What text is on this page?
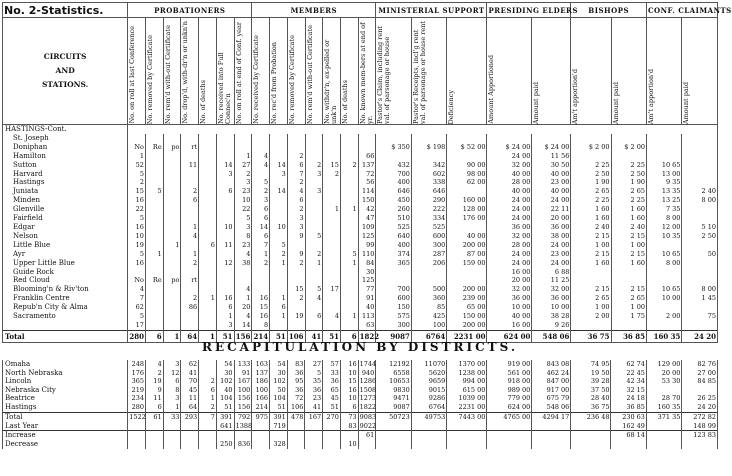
No. 2-Statistics.	PROBATIONERS							MEMBERS							MINISTERIAL SUPPORT			PRESIDING ELDERS		BISHOPS		CONF. CLAIMANTS	

CIRCUITS
AND
STATIONS.	No. on roll at last Conference	No. removed by Certificate	No. rem'd with-out Certificate	No. drop'd, with-dr'n or unkn'n	No. of deaths	No. received into Full Connec'n	No. on roll at end of Conf. year	No. received by Certificate	No. rec'd from Probation	No. removed by Certificate	No. rem'd with-out Certificate	No. withdr'n, ex-pelled or unk'n	No. of deaths	No. known mem-bers at end of yr.	Pastor's Claim, including rent val. of parsonage or house	Pastor's Receipts, incl'g rent val. of parsonage or house rent	Deficiency	Amount Apportioned	Amount paid	Am't apportion'd	Amount paid	Am't apportion'd	Amount paid

HASTINGS-Cont.																							
St. Joseph																							
Doniphan	No	Re	po	rt											$ 350	$ 198	$ 52 00	$ 24 00	$ 24 00	$ 2 00	$ 2 00		
Hamilton	1						1	4		2				66				24 00	11 56				
Sutton	52			11		14	27	4	14	6	2	15	2	137	432	342	90 00	32 00	30 50	2 25	2 25	10 65	
Harvard	5					3	2		3	7	3	2		72	700	602	98 00	40 00	40 00	2 50	2 50	13 00	
Hastings	2						3	5		2				56	400	338	62 00	28 00	23 00	1 90	1 90	9 35	
Juniata	15	5		2		6	23	2	14	4	3			114	646	646		40 00	40 00	2 65	2 65	13 35	2 40
Minden	16			6			10	3		6				150	450	290	160 00	24 00	24 00	2 25	2 25	13 25	8 00
Glenville	22						22	6		2		1	1	42	260	222	128 00	24 00	22 11	1 60	1 60	7 35	
Fairfield	5						5	6		3				47	510	334	176 00	24 00	20 00	1 60	1 60	8 00	
Edgar	16			1		10	3	14	10	3				109	525	525		36 00	36 00	2 40	2 40	12 00	5 10
Nelson	10			4			8	6		9	5			125	640	600	40 00	32 00	38 00	2 15	2 15	10 35	2 50
Little Blue	19		1		6	11	23	7	5					99	400	300	200 00	28 00	24 00	1 00	1 00		
Ayr	5	1		1			4	1	2	9	2		5	110	374	287	87 00	24 00	23 00	2 15	2 15	10 65	50
Upper Little Blue	16			2		12	38	2	1	2	1		1	84	365	206	159 00	24 00	24 00	1 60	1 60	8 00	
Guide Rock														30				16 00	6 88				
Red Cloud	No	Re	po	rt										125				20 00	11 25				
Blooming'n & Riv'ton	4						4			15	5	17		77	700	500	200 00	32 00	32 00	2 15	2 15	10 65	8 00
Franklin Centre	7			2	1	16	1	16	1	2	4			91	600	360	239 00	36 00	36 00	2 65	2 65	10 00	1 45
Repub'n City & Alma	62			86		6	20	15	6					40	150	85	65 00	10 00	10 00	1 00	1 00		
Sacramento	5					1	4	16	1	19	6	4	1	113	575	425	150 00	40 00	38 28	2 00	1 75	2 00	75
	17					3	14	8						63	300	100	200 00	16 00	9 26				
Total	280	6	1	64	1	51	156	214	51	106	41	51	6	1822	9087	6764	2231 00	624 00	548 06	36 75	36 85	160 35	24 20
RECAPITULATION BY DISTRICTS.
Omaha	248	4	3	62		54	133	163	54	83	27	57	16	1744	12192	11070	1370 00	919 00	843 08	74 95	62 74	129 00	82 76
North Nebraska	176	2	12	41		30	91	137	30	36	5	33	10	940	6558	5620	1238 00	561 00	462 24	19 50	22 45	20 00	27 00
Lincoln	365	19	6	70	2	102	167	186	102	95	35	36	15	1286	10653	9659	994 00	918 00	847 00	39 28	42 34	53 30	84 85
Nebraska City	219	9	8	45	6	40	100	100	50	36	36	65	16	1508	9830	9015	615 00	989 00	917 00	37 50	32 15		
Beatrice	234	11	3	11	1	104	156	166	104	72	23	45	10	1273	9471	9286	1039 00	779 00	675 79	28 40	24 18	28 70	26 25
Hastings	280	6	1	64	2	51	156	214	51	106	41	51	6	1822	9087	6764	2231 00	624 00	548 06	36 75	36 85	160 35	24 20
Total	1522	61	33	293	7	391	792	975	391	478	167	270	73	9083	50723	49753	7443 00	4765 00	4294 17	236 48	230 63	371 35	272 82
Last Year						641	1388		719				83	9022							162 49		148 99
Increase														61							68 14		123 83
Decrease						250	836		328				10										
